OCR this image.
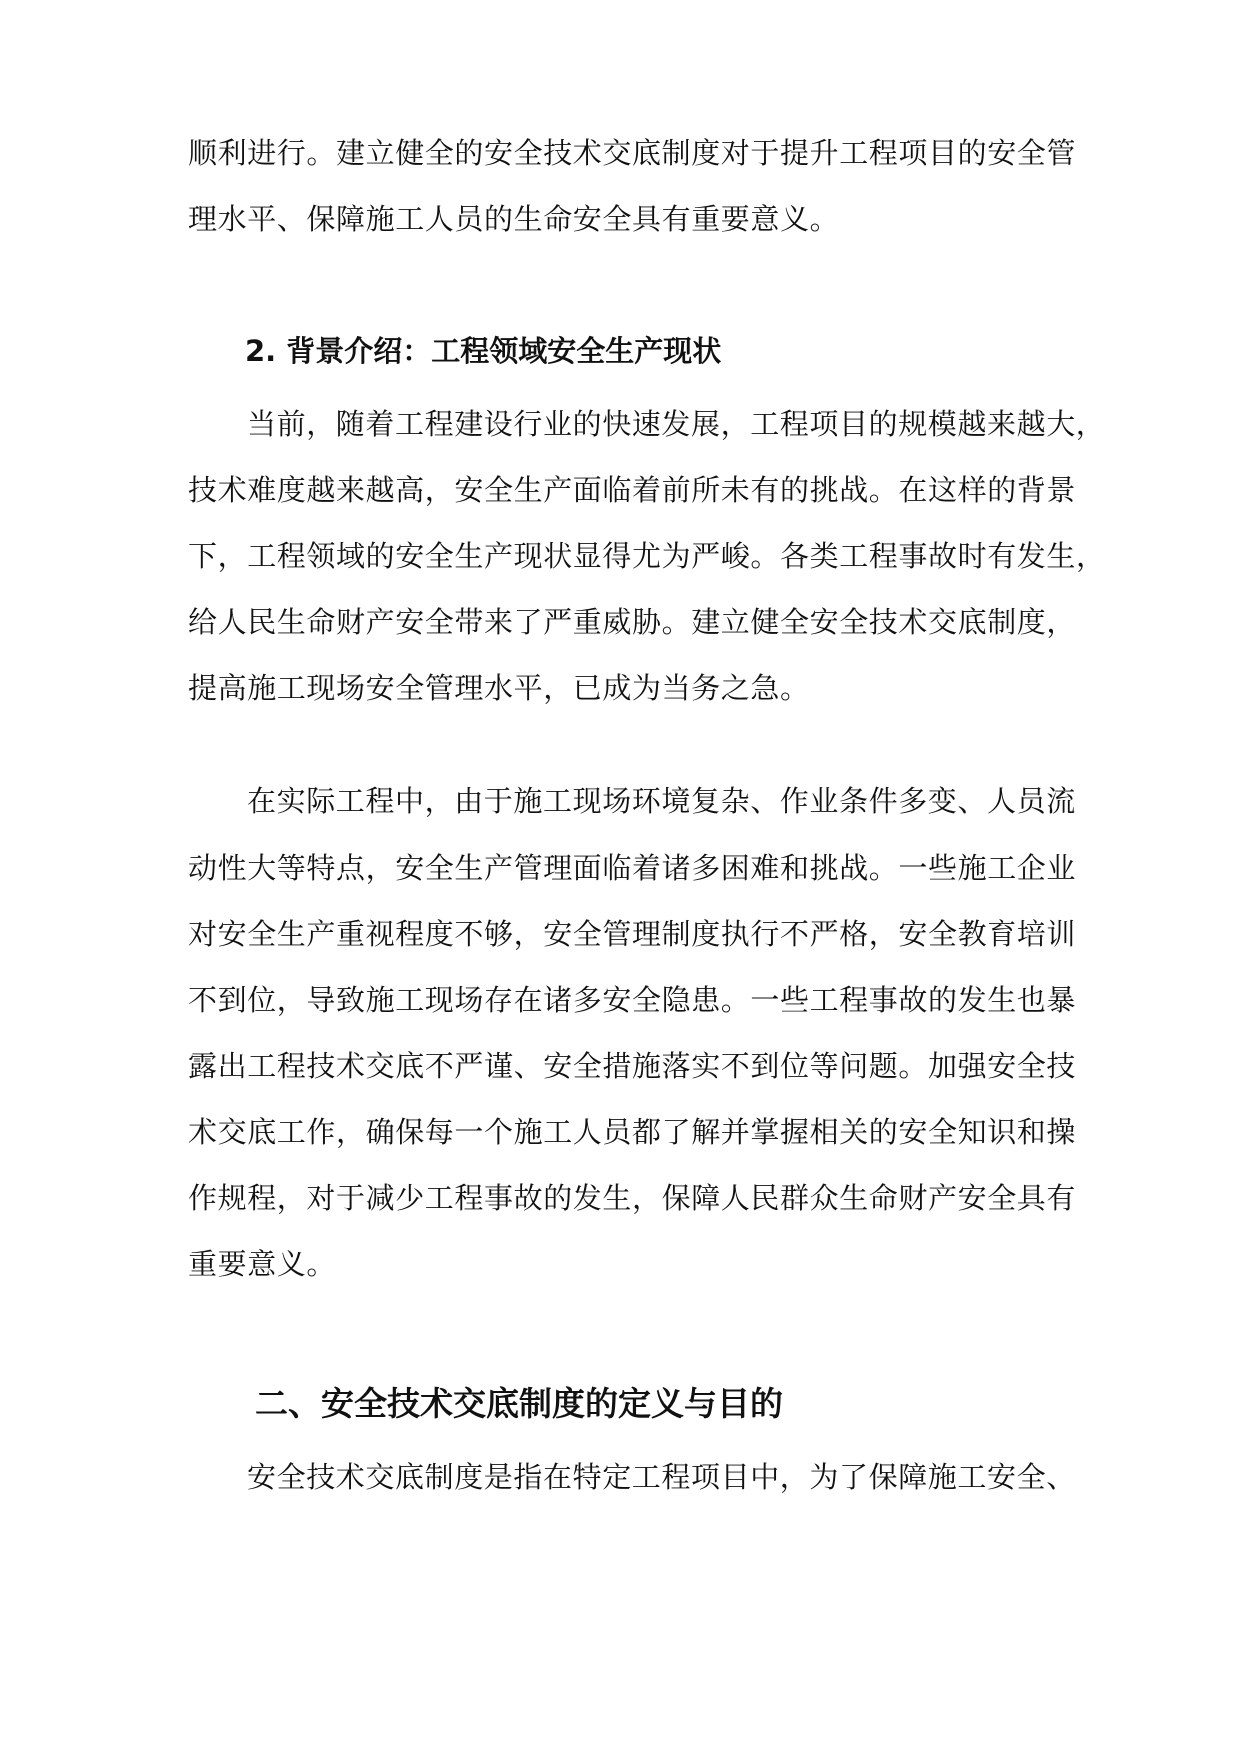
顺利进行。建立健全的安全技术交底制度对于提升工程项目的安全管
理水平、保障施工人员的生命安全具有重要意义。
2. 背景介绍：工程领域安全生产现状
当前，随着工程建设行业的快速发展，工程项目的规模越来越大，
技术难度越来越高，安全生产面临着前所未有的挑战。在这样的背景
下，工程领域的安全生产现状显得尤为严峻。各类工程事故时有发生，
给人民生命财产安全带来了严重威胁。建立健全安全技术交底制度，
提高施工现场安全管理水平，已成为当务之急。
在实际工程中，由于施工现场环境复杂、作业条件多变、人员流
动性大等特点，安全生产管理面临着诸多困难和挑战。一些施工企业
对安全生产重视程度不够，安全管理制度执行不严格，安全教育培训
不到位，导致施工现场存在诸多安全隐患。一些工程事故的发生也暴
露出工程技术交底不严谨、安全措施落实不到位等问题。加强安全技
术交底工作，确保每一个施工人员都了解并掌握相关的安全知识和操
作规程，对于减少工程事故的发生，保障人民群众生命财产安全具有
重要意义。
二、安全技术交底制度的定义与目的
安全技术交底制度是指在特定工程项目中，为了保障施工安全、
